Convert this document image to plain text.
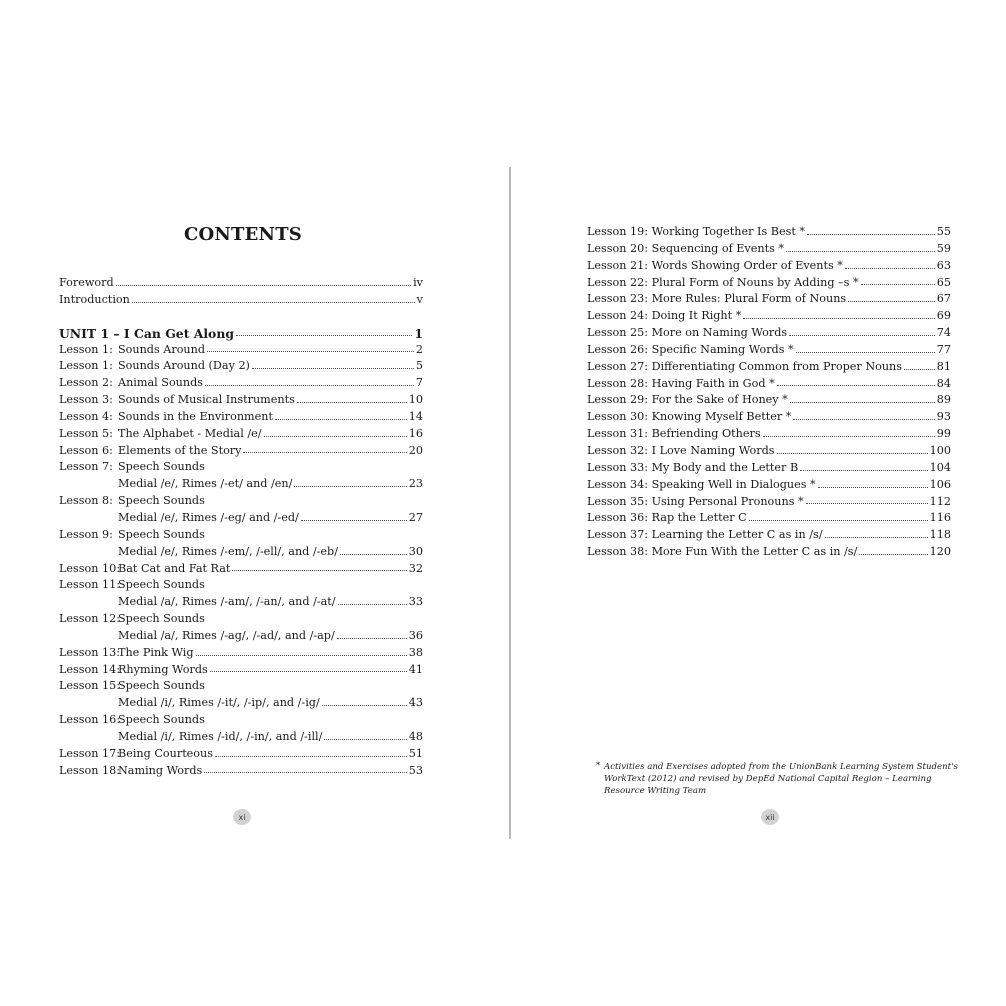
CONTENTS
Foreword	iv
Introduction	v
UNIT 1 – I Can Get Along	1
Lesson 1: Sounds Around	2
Lesson 1: Sounds Around (Day 2)	5
Lesson 2: Animal Sounds	7
Lesson 3: Sounds of Musical Instruments	10
Lesson 4: Sounds in the Environment	14
Lesson 5: The Alphabet - Medial /e/	16
Lesson 6: Elements of the Story	20
Lesson 7: Speech Sounds
Medial /e/, Rimes /-et/ and /en/	23
Lesson 8: Speech Sounds
Medial /e/, Rimes /-eg/ and /-ed/	27
Lesson 9: Speech Sounds
Medial /e/, Rimes /-em/, /-ell/, and /-eb/	30
Lesson 10:
Bat Cat and Fat Rat	32
Lesson 11:
Speech Sounds
Medial /a/, Rimes /-am/, /-an/, and /-at/	33
Lesson 12:
Speech Sounds
Medial /a/, Rimes /-ag/, /-ad/, and /-ap/	36
Lesson 13:
The Pink Wig	38
Lesson 14:
Rhyming Words	41
Lesson 15:
Speech Sounds
Medial /i/, Rimes /-it/, /-ip/, and /-ig/	43
Lesson 16:
Speech Sounds
Medial /i/, Rimes /-id/, /-in/, and /-ill/	48
Lesson 17:
Being Courteous	51
Lesson 18:
Naming Words	53
xi
Lesson 19: Working Together Is Best *	55
Lesson 20: Sequencing of Events *	59
Lesson 21: Words Showing Order of Events *	63
Lesson 22: Plural Form of Nouns by Adding –s *	65
Lesson 23: More Rules: Plural Form of Nouns	67
Lesson 24: Doing It Right *	69
Lesson 25: More on Naming Words	74
Lesson 26: Specific Naming Words *	77
Lesson 27: Differentiating Common from Proper Nouns	81
Lesson 28: Having Faith in God *	84
Lesson 29: For the Sake of Honey *	89
Lesson 30: Knowing Myself Better *	93
Lesson 31: Befriending Others	99
Lesson 32: I Love Naming Words	100
Lesson 33: My Body and the Letter B	104
Lesson 34: Speaking Well in Dialogues *	106
Lesson 35: Using Personal Pronouns *	112
Lesson 36: Rap the Letter C	116
Lesson 37: Learning the Letter C as in /s/	118
Lesson 38: More Fun With the Letter C as in /s/	120
* Activities and Exercises adopted from the UnionBank Learning System Student's WorkText (2012) and revised by DepEd National Capital Region – Learning Resource Writing Team
xii
